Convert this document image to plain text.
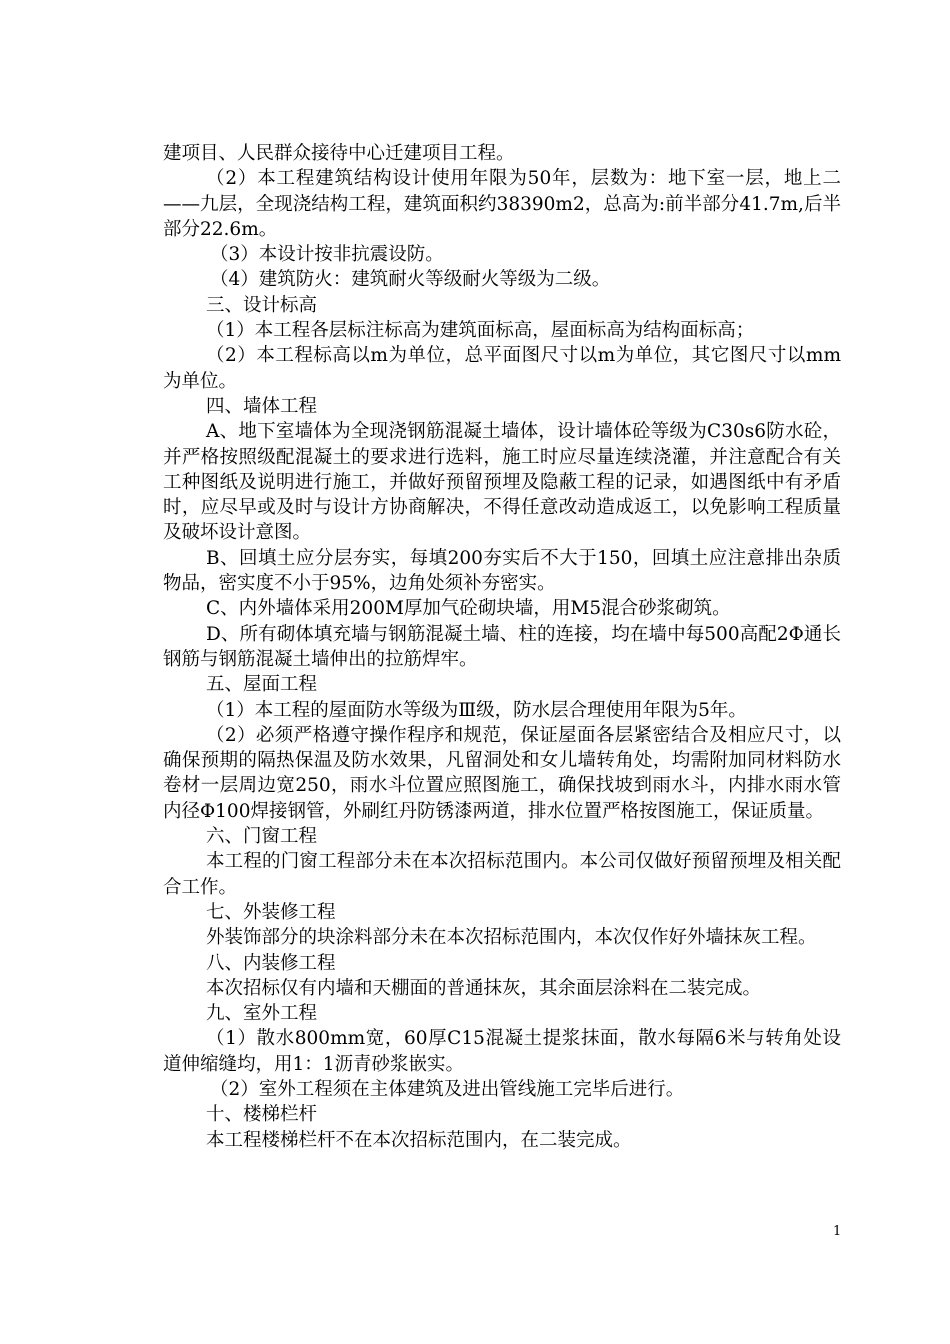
建项目、人民群众接待中心迁建项目工程。

（2）本工程建筑结构设计使用年限为50年，层数为：地下室一层，地上二——九层，全现浇结构工程，建筑面积约38390m2，总高为:前半部分41.7m,后半部分22.6m。

（3）本设计按非抗震设防。

（4）建筑防火：建筑耐火等级耐火等级为二级。

三、设计标高

（1）本工程各层标注标高为建筑面标高，屋面标高为结构面标高；

（2）本工程标高以m为单位，总平面图尺寸以m为单位，其它图尺寸以mm为单位。

四、墙体工程

A、地下室墙体为全现浇钢筋混凝土墙体，设计墙体砼等级为C30s6防水砼，并严格按照级配混凝土的要求进行选料，施工时应尽量连续浇灌，并注意配合有关工种图纸及说明进行施工，并做好预留预埋及隐蔽工程的记录，如遇图纸中有矛盾时，应尽早或及时与设计方协商解决，不得任意改动造成返工，以免影响工程质量及破坏设计意图。

B、回填土应分层夯实，每填200夯实后不大于150，回填土应注意排出杂质物品，密实度不小于95%，边角处须补夯密实。

C、内外墙体采用200M厚加气砼砌块墙，用M5混合砂浆砌筑。

D、所有砌体填充墙与钢筋混凝土墙、柱的连接，均在墙中每500高配2Φ通长钢筋与钢筋混凝土墙伸出的拉筋焊牢。

五、屋面工程

（1）本工程的屋面防水等级为Ⅲ级，防水层合理使用年限为5年。

（2）必须严格遵守操作程序和规范，保证屋面各层紧密结合及相应尺寸，以确保预期的隔热保温及防水效果，凡留洞处和女儿墙转角处，均需附加同材料防水卷材一层周边宽250，雨水斗位置应照图施工，确保找坡到雨水斗，内排水雨水管内径Φ100焊接钢管，外刷红丹防锈漆两道，排水位置严格按图施工，保证质量。

六、门窗工程

本工程的门窗工程部分未在本次招标范围内。本公司仅做好预留预埋及相关配合工作。

七、外装修工程

外装饰部分的块涂料部分未在本次招标范围内，本次仅作好外墙抹灰工程。

八、内装修工程

本次招标仅有内墙和天棚面的普通抹灰，其余面层涂料在二装完成。

九、室外工程

（1）散水800mm宽，60厚C15混凝土提浆抹面，散水每隔6米与转角处设道伸缩缝均，用1：1沥青砂浆嵌实。

（2）室外工程须在主体建筑及进出管线施工完毕后进行。

十、楼梯栏杆

本工程楼梯栏杆不在本次招标范围内，在二装完成。

1
